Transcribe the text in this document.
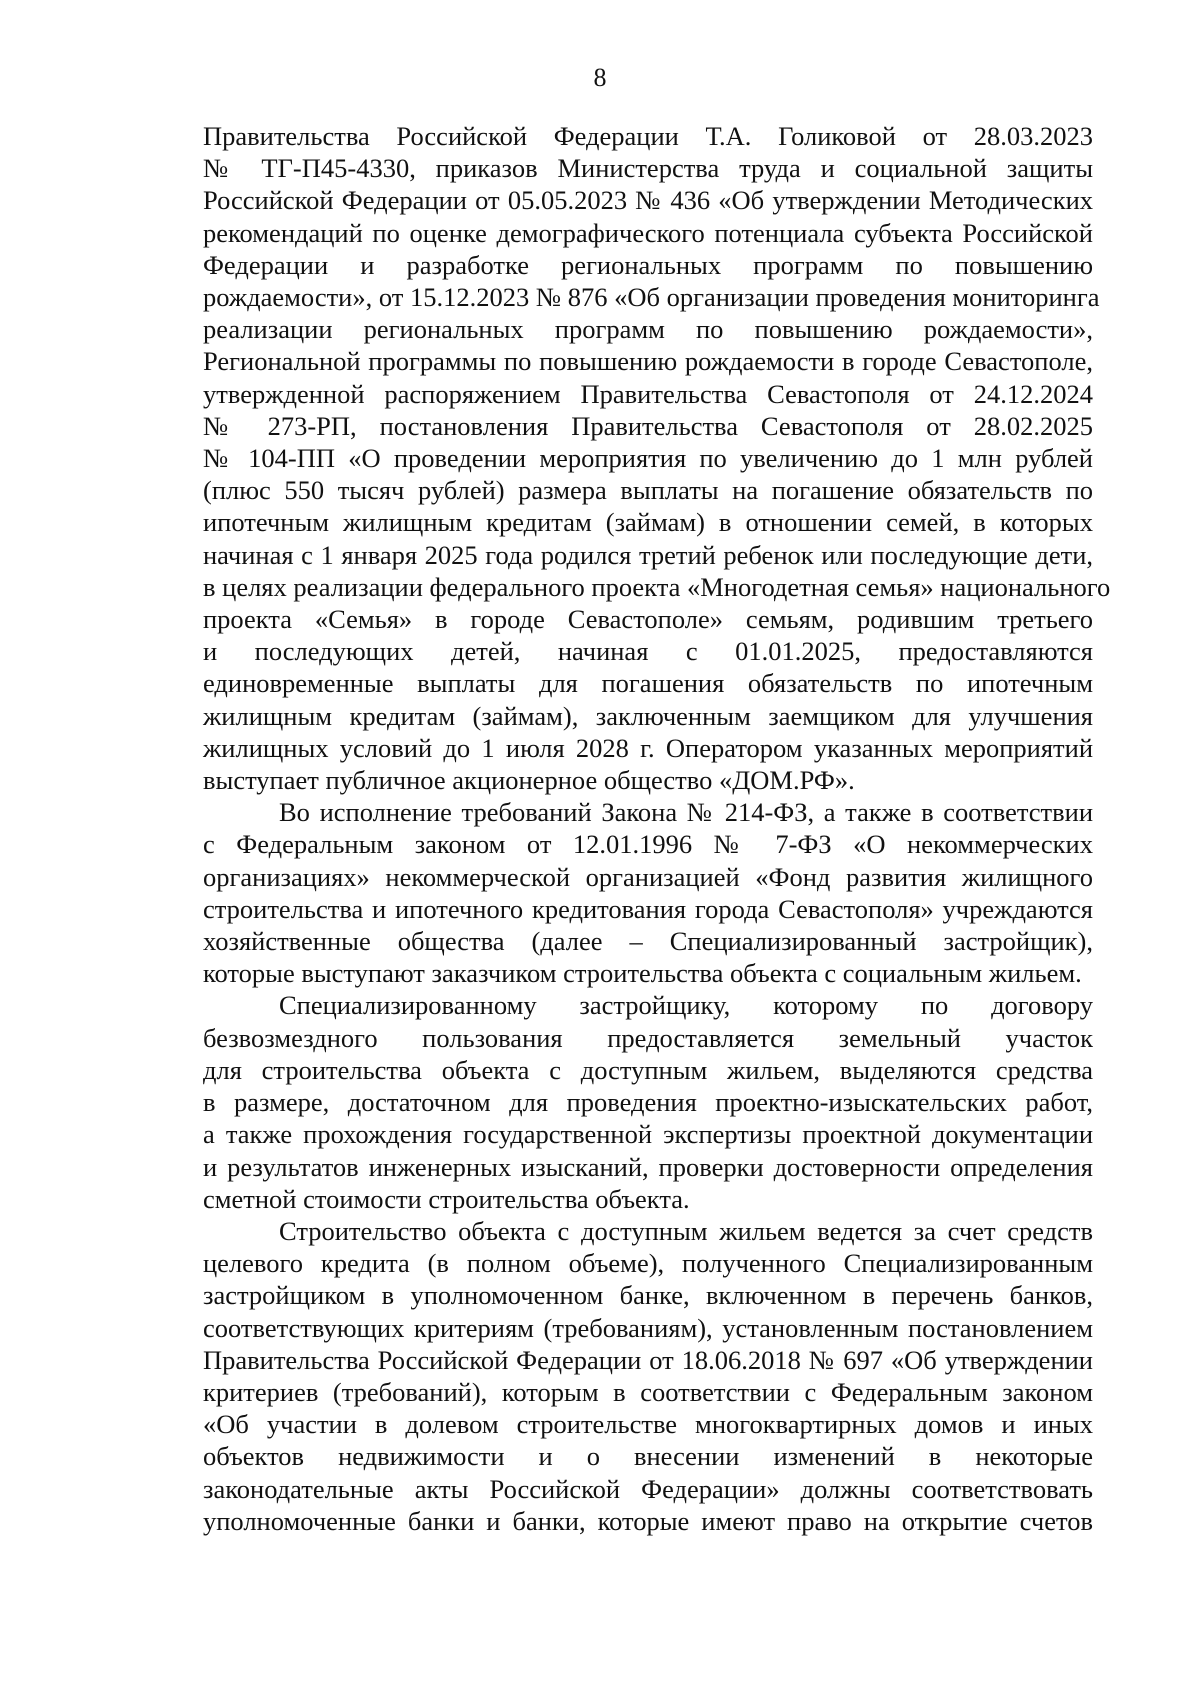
8

Правительства Российской Федерации Т.А. Голиковой от 28.03.2023
№ ТГ-П45-4330, приказов Министерства труда и социальной защиты
Российской Федерации от 05.05.2023 № 436 «Об утверждении Методических
рекомендаций по оценке демографического потенциала субъекта Российской
Федерации и разработке региональных программ по повышению
рождаемости», от 15.12.2023 № 876 «Об организации проведения мониторинга
реализации региональных программ по повышению рождаемости»,
Региональной программы по повышению рождаемости в городе Севастополе,
утвержденной распоряжением Правительства Севастополя от 24.12.2024
№ 273-РП, постановления Правительства Севастополя от 28.02.2025
№ 104-ПП «О проведении мероприятия по увеличению до 1 млн рублей
(плюс 550 тысяч рублей) размера выплаты на погашение обязательств по
ипотечным жилищным кредитам (займам) в отношении семей, в которых
начиная с 1 января 2025 года родился третий ребенок или последующие дети,
в целях реализации федерального проекта «Многодетная семья» национального
проекта «Семья» в городе Севастополе» семьям, родившим третьего
и последующих детей, начиная с 01.01.2025, предоставляются
единовременные выплаты для погашения обязательств по ипотечным
жилищным кредитам (займам), заключенным заемщиком для улучшения
жилищных условий до 1 июля 2028 г. Оператором указанных мероприятий
выступает публичное акционерное общество «ДОМ.РФ».

Во исполнение требований Закона № 214-ФЗ, а также в соответствии
с Федеральным законом от 12.01.1996 № 7-ФЗ «О некоммерческих
организациях» некоммерческой организацией «Фонд развития жилищного
строительства и ипотечного кредитования города Севастополя» учреждаются
хозяйственные общества (далее – Специализированный застройщик),
которые выступают заказчиком строительства объекта с социальным жильем.

Специализированному застройщику, которому по договору
безвозмездного пользования предоставляется земельный участок
для строительства объекта с доступным жильем, выделяются средства
в размере, достаточном для проведения проектно-изыскательских работ,
а также прохождения государственной экспертизы проектной документации
и результатов инженерных изысканий, проверки достоверности определения
сметной стоимости строительства объекта.

Строительство объекта с доступным жильем ведется за счет средств
целевого кредита (в полном объеме), полученного Специализированным
застройщиком в уполномоченном банке, включенном в перечень банков,
соответствующих критериям (требованиям), установленным постановлением
Правительства Российской Федерации от 18.06.2018 № 697 «Об утверждении
критериев (требований), которым в соответствии с Федеральным законом
«Об участии в долевом строительстве многоквартирных домов и иных
объектов недвижимости и о внесении изменений в некоторые
законодательные акты Российской Федерации» должны соответствовать
уполномоченные банки и банки, которые имеют право на открытие счетов
